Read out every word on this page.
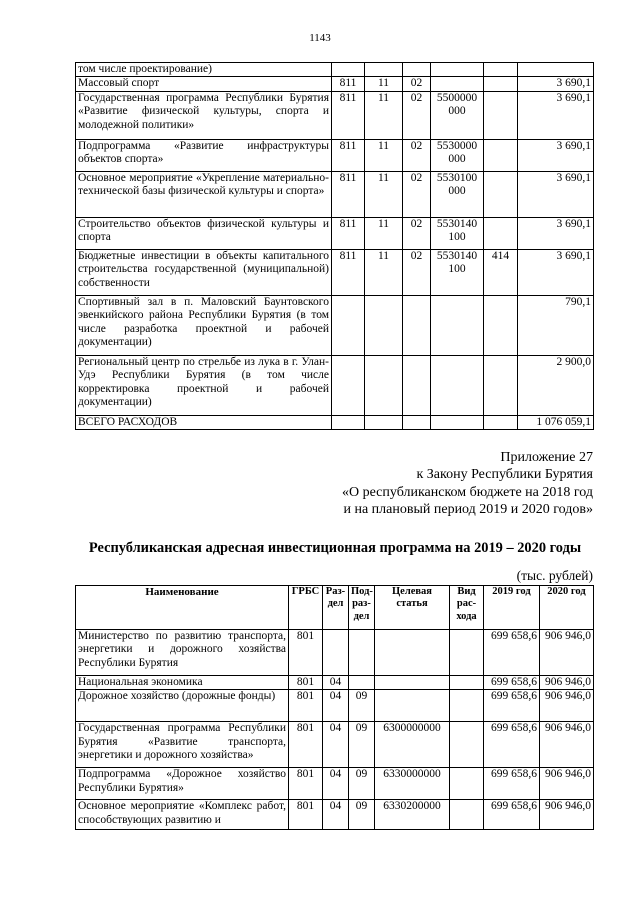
1143
том числе проектирование)						
Массовый спорт	811	11	02			3 690,1
Государственная программа Республики Бурятия «Развитие физической культуры, спорта и молодежной политики»	811	11	02	5500000 000		3 690,1
Подпрограмма «Развитие инфраструктуры объектов спорта»	811	11	02	5530000 000		3 690,1
Основное мероприятие «Укрепление материально-технической базы физической культуры и спорта»	811	11	02	5530100 000		3 690,1
Строительство объектов физической культуры и спорта	811	11	02	5530140 100		3 690,1
Бюджетные инвестиции в объекты капитального строительства государственной (муниципальной) собственности	811	11	02	5530140 100	414	3 690,1
Спортивный зал в п. Маловский Баунтовского эвенкийского района Республики Бурятия (в том числе разработка проектной и рабочей документации)						790,1
Региональный центр по стрельбе из лука в г. Улан-Удэ Республики Бурятия (в том числе корректировка проектной и рабочей документации)						2 900,0
ВСЕГО РАСХОДОВ						1 076 059,1
Приложение 27
к Закону Республики Бурятия
«О республиканском бюджете на 2018 год
и на плановый период 2019 и 2020 годов»
Республиканская адресная инвестиционная программа на 2019 – 2020 годы
(тыс. рублей)
Наименование	ГРБС	Раз-дел	Под-раз-дел	Целевая статья	Вид рас-хода	2019 год	2020 год
Министерство по развитию транспорта, энергетики и дорожного хозяйства Республики Бурятия	801					699 658,6	906 946,0
Национальная экономика	801	04				699 658,6	906 946,0
Дорожное хозяйство (дорожные фонды)	801	04	09			699 658,6	906 946,0
Государственная программа Республики Бурятия «Развитие транспорта, энергетики и дорожного хозяйства»	801	04	09	6300000000		699 658,6	906 946,0
Подпрограмма «Дорожное хозяйство Республики Бурятия»	801	04	09	6330000000		699 658,6	906 946,0
Основное мероприятие «Комплекс работ, способствующих развитию и	801	04	09	6330200000		699 658,6	906 946,0
